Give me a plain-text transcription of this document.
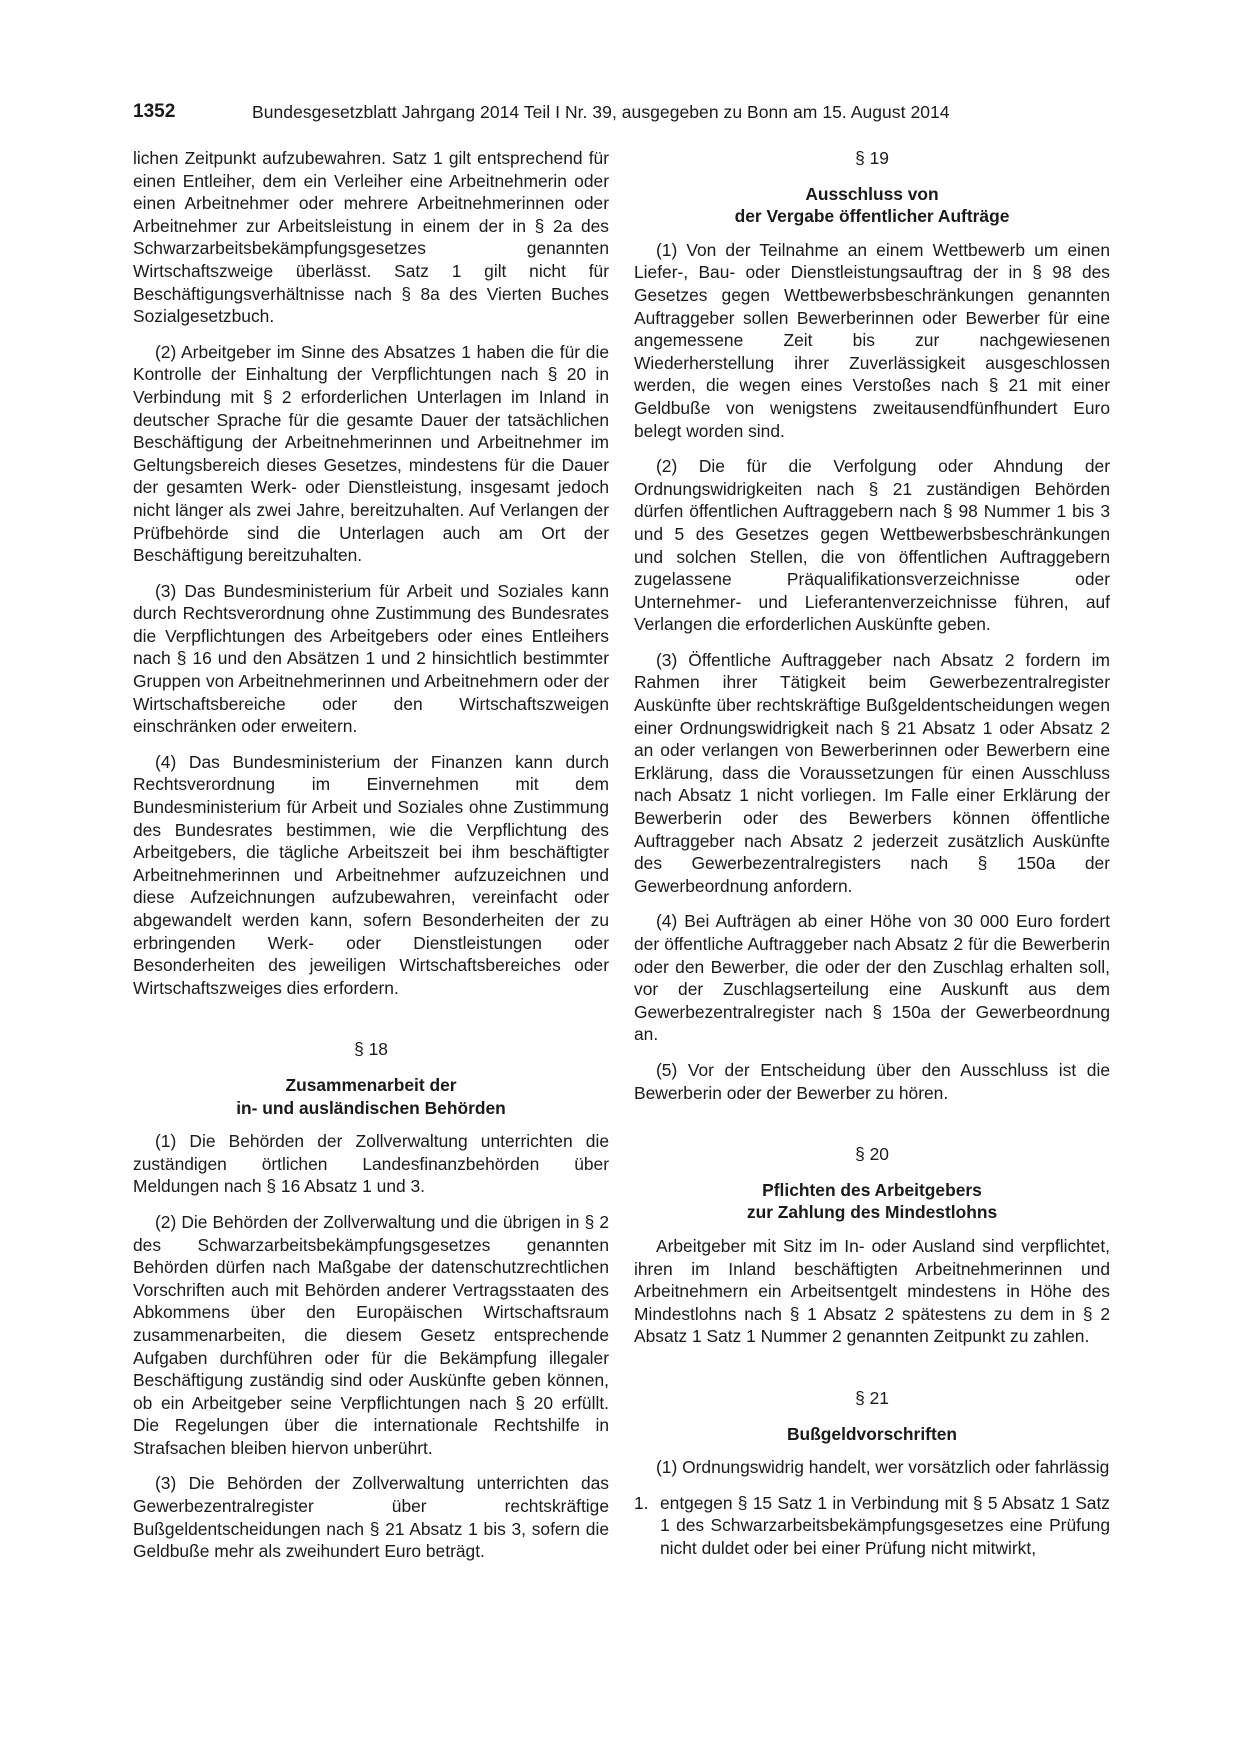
1352	Bundesgesetzblatt Jahrgang 2014 Teil I Nr. 39, ausgegeben zu Bonn am 15. August 2014

lichen Zeitpunkt aufzubewahren. Satz 1 gilt entsprechend für einen Entleiher, dem ein Verleiher eine Arbeitnehmerin oder einen Arbeitnehmer oder mehrere Arbeitnehmerinnen oder Arbeitnehmer zur Arbeitsleistung in einem der in § 2a des Schwarzarbeitsbekämpfungsgesetzes genannten Wirtschaftszweige überlässt. Satz 1 gilt nicht für Beschäftigungsverhältnisse nach § 8a des Vierten Buches Sozialgesetzbuch.

(2) Arbeitgeber im Sinne des Absatzes 1 haben die für die Kontrolle der Einhaltung der Verpflichtungen nach § 20 in Verbindung mit § 2 erforderlichen Unterlagen im Inland in deutscher Sprache für die gesamte Dauer der tatsächlichen Beschäftigung der Arbeitnehmerinnen und Arbeitnehmer im Geltungsbereich dieses Gesetzes, mindestens für die Dauer der gesamten Werk- oder Dienstleistung, insgesamt jedoch nicht länger als zwei Jahre, bereitzuhalten. Auf Verlangen der Prüfbehörde sind die Unterlagen auch am Ort der Beschäftigung bereitzuhalten.

(3) Das Bundesministerium für Arbeit und Soziales kann durch Rechtsverordnung ohne Zustimmung des Bundesrates die Verpflichtungen des Arbeitgebers oder eines Entleihers nach § 16 und den Absätzen 1 und 2 hinsichtlich bestimmter Gruppen von Arbeitnehmerinnen und Arbeitnehmern oder der Wirtschaftsbereiche oder den Wirtschaftszweigen einschränken oder erweitern.

(4) Das Bundesministerium der Finanzen kann durch Rechtsverordnung im Einvernehmen mit dem Bundesministerium für Arbeit und Soziales ohne Zustimmung des Bundesrates bestimmen, wie die Verpflichtung des Arbeitgebers, die tägliche Arbeitszeit bei ihm beschäftigter Arbeitnehmerinnen und Arbeitnehmer aufzuzeichnen und diese Aufzeichnungen aufzubewahren, vereinfacht oder abgewandelt werden kann, sofern Besonderheiten der zu erbringenden Werk- oder Dienstleistungen oder Besonderheiten des jeweiligen Wirtschaftsbereiches oder Wirtschaftszweiges dies erfordern.

§ 18
Zusammenarbeit der
in- und ausländischen Behörden

(1) Die Behörden der Zollverwaltung unterrichten die zuständigen örtlichen Landesfinanzbehörden über Meldungen nach § 16 Absatz 1 und 3.

(2) Die Behörden der Zollverwaltung und die übrigen in § 2 des Schwarzarbeitsbekämpfungsgesetzes genannten Behörden dürfen nach Maßgabe der datenschutzrechtlichen Vorschriften auch mit Behörden anderer Vertragsstaaten des Abkommens über den Europäischen Wirtschaftsraum zusammenarbeiten, die diesem Gesetz entsprechende Aufgaben durchführen oder für die Bekämpfung illegaler Beschäftigung zuständig sind oder Auskünfte geben können, ob ein Arbeitgeber seine Verpflichtungen nach § 20 erfüllt. Die Regelungen über die internationale Rechtshilfe in Strafsachen bleiben hiervon unberührt.

(3) Die Behörden der Zollverwaltung unterrichten das Gewerbezentralregister über rechtskräftige Bußgeldentscheidungen nach § 21 Absatz 1 bis 3, sofern die Geldbuße mehr als zweihundert Euro beträgt.

§ 19
Ausschluss von
der Vergabe öffentlicher Aufträge

(1) Von der Teilnahme an einem Wettbewerb um einen Liefer-, Bau- oder Dienstleistungsauftrag der in § 98 des Gesetzes gegen Wettbewerbsbeschränkungen genannten Auftraggeber sollen Bewerberinnen oder Bewerber für eine angemessene Zeit bis zur nachgewiesenen Wiederherstellung ihrer Zuverlässigkeit ausgeschlossen werden, die wegen eines Verstoßes nach § 21 mit einer Geldbuße von wenigstens zweitausendfünfhundert Euro belegt worden sind.

(2) Die für die Verfolgung oder Ahndung der Ordnungswidrigkeiten nach § 21 zuständigen Behörden dürfen öffentlichen Auftraggebern nach § 98 Nummer 1 bis 3 und 5 des Gesetzes gegen Wettbewerbsbeschränkungen und solchen Stellen, die von öffentlichen Auftraggebern zugelassene Präqualifikationsverzeichnisse oder Unternehmer- und Lieferantenverzeichnisse führen, auf Verlangen die erforderlichen Auskünfte geben.

(3) Öffentliche Auftraggeber nach Absatz 2 fordern im Rahmen ihrer Tätigkeit beim Gewerbezentralregister Auskünfte über rechtskräftige Bußgeldentscheidungen wegen einer Ordnungswidrigkeit nach § 21 Absatz 1 oder Absatz 2 an oder verlangen von Bewerberinnen oder Bewerbern eine Erklärung, dass die Voraussetzungen für einen Ausschluss nach Absatz 1 nicht vorliegen. Im Falle einer Erklärung der Bewerberin oder des Bewerbers können öffentliche Auftraggeber nach Absatz 2 jederzeit zusätzlich Auskünfte des Gewerbezentralregisters nach § 150a der Gewerbeordnung anfordern.

(4) Bei Aufträgen ab einer Höhe von 30 000 Euro fordert der öffentliche Auftraggeber nach Absatz 2 für die Bewerberin oder den Bewerber, die oder der den Zuschlag erhalten soll, vor der Zuschlagserteilung eine Auskunft aus dem Gewerbezentralregister nach § 150a der Gewerbeordnung an.

(5) Vor der Entscheidung über den Ausschluss ist die Bewerberin oder der Bewerber zu hören.

§ 20
Pflichten des Arbeitgebers
zur Zahlung des Mindestlohns

Arbeitgeber mit Sitz im In- oder Ausland sind verpflichtet, ihren im Inland beschäftigten Arbeitnehmerinnen und Arbeitnehmern ein Arbeitsentgelt mindestens in Höhe des Mindestlohns nach § 1 Absatz 2 spätestens zu dem in § 2 Absatz 1 Satz 1 Nummer 2 genannten Zeitpunkt zu zahlen.

§ 21
Bußgeldvorschriften

(1) Ordnungswidrig handelt, wer vorsätzlich oder fahrlässig

1. entgegen § 15 Satz 1 in Verbindung mit § 5 Absatz 1 Satz 1 des Schwarzarbeitsbekämpfungsgesetzes eine Prüfung nicht duldet oder bei einer Prüfung nicht mitwirkt,
